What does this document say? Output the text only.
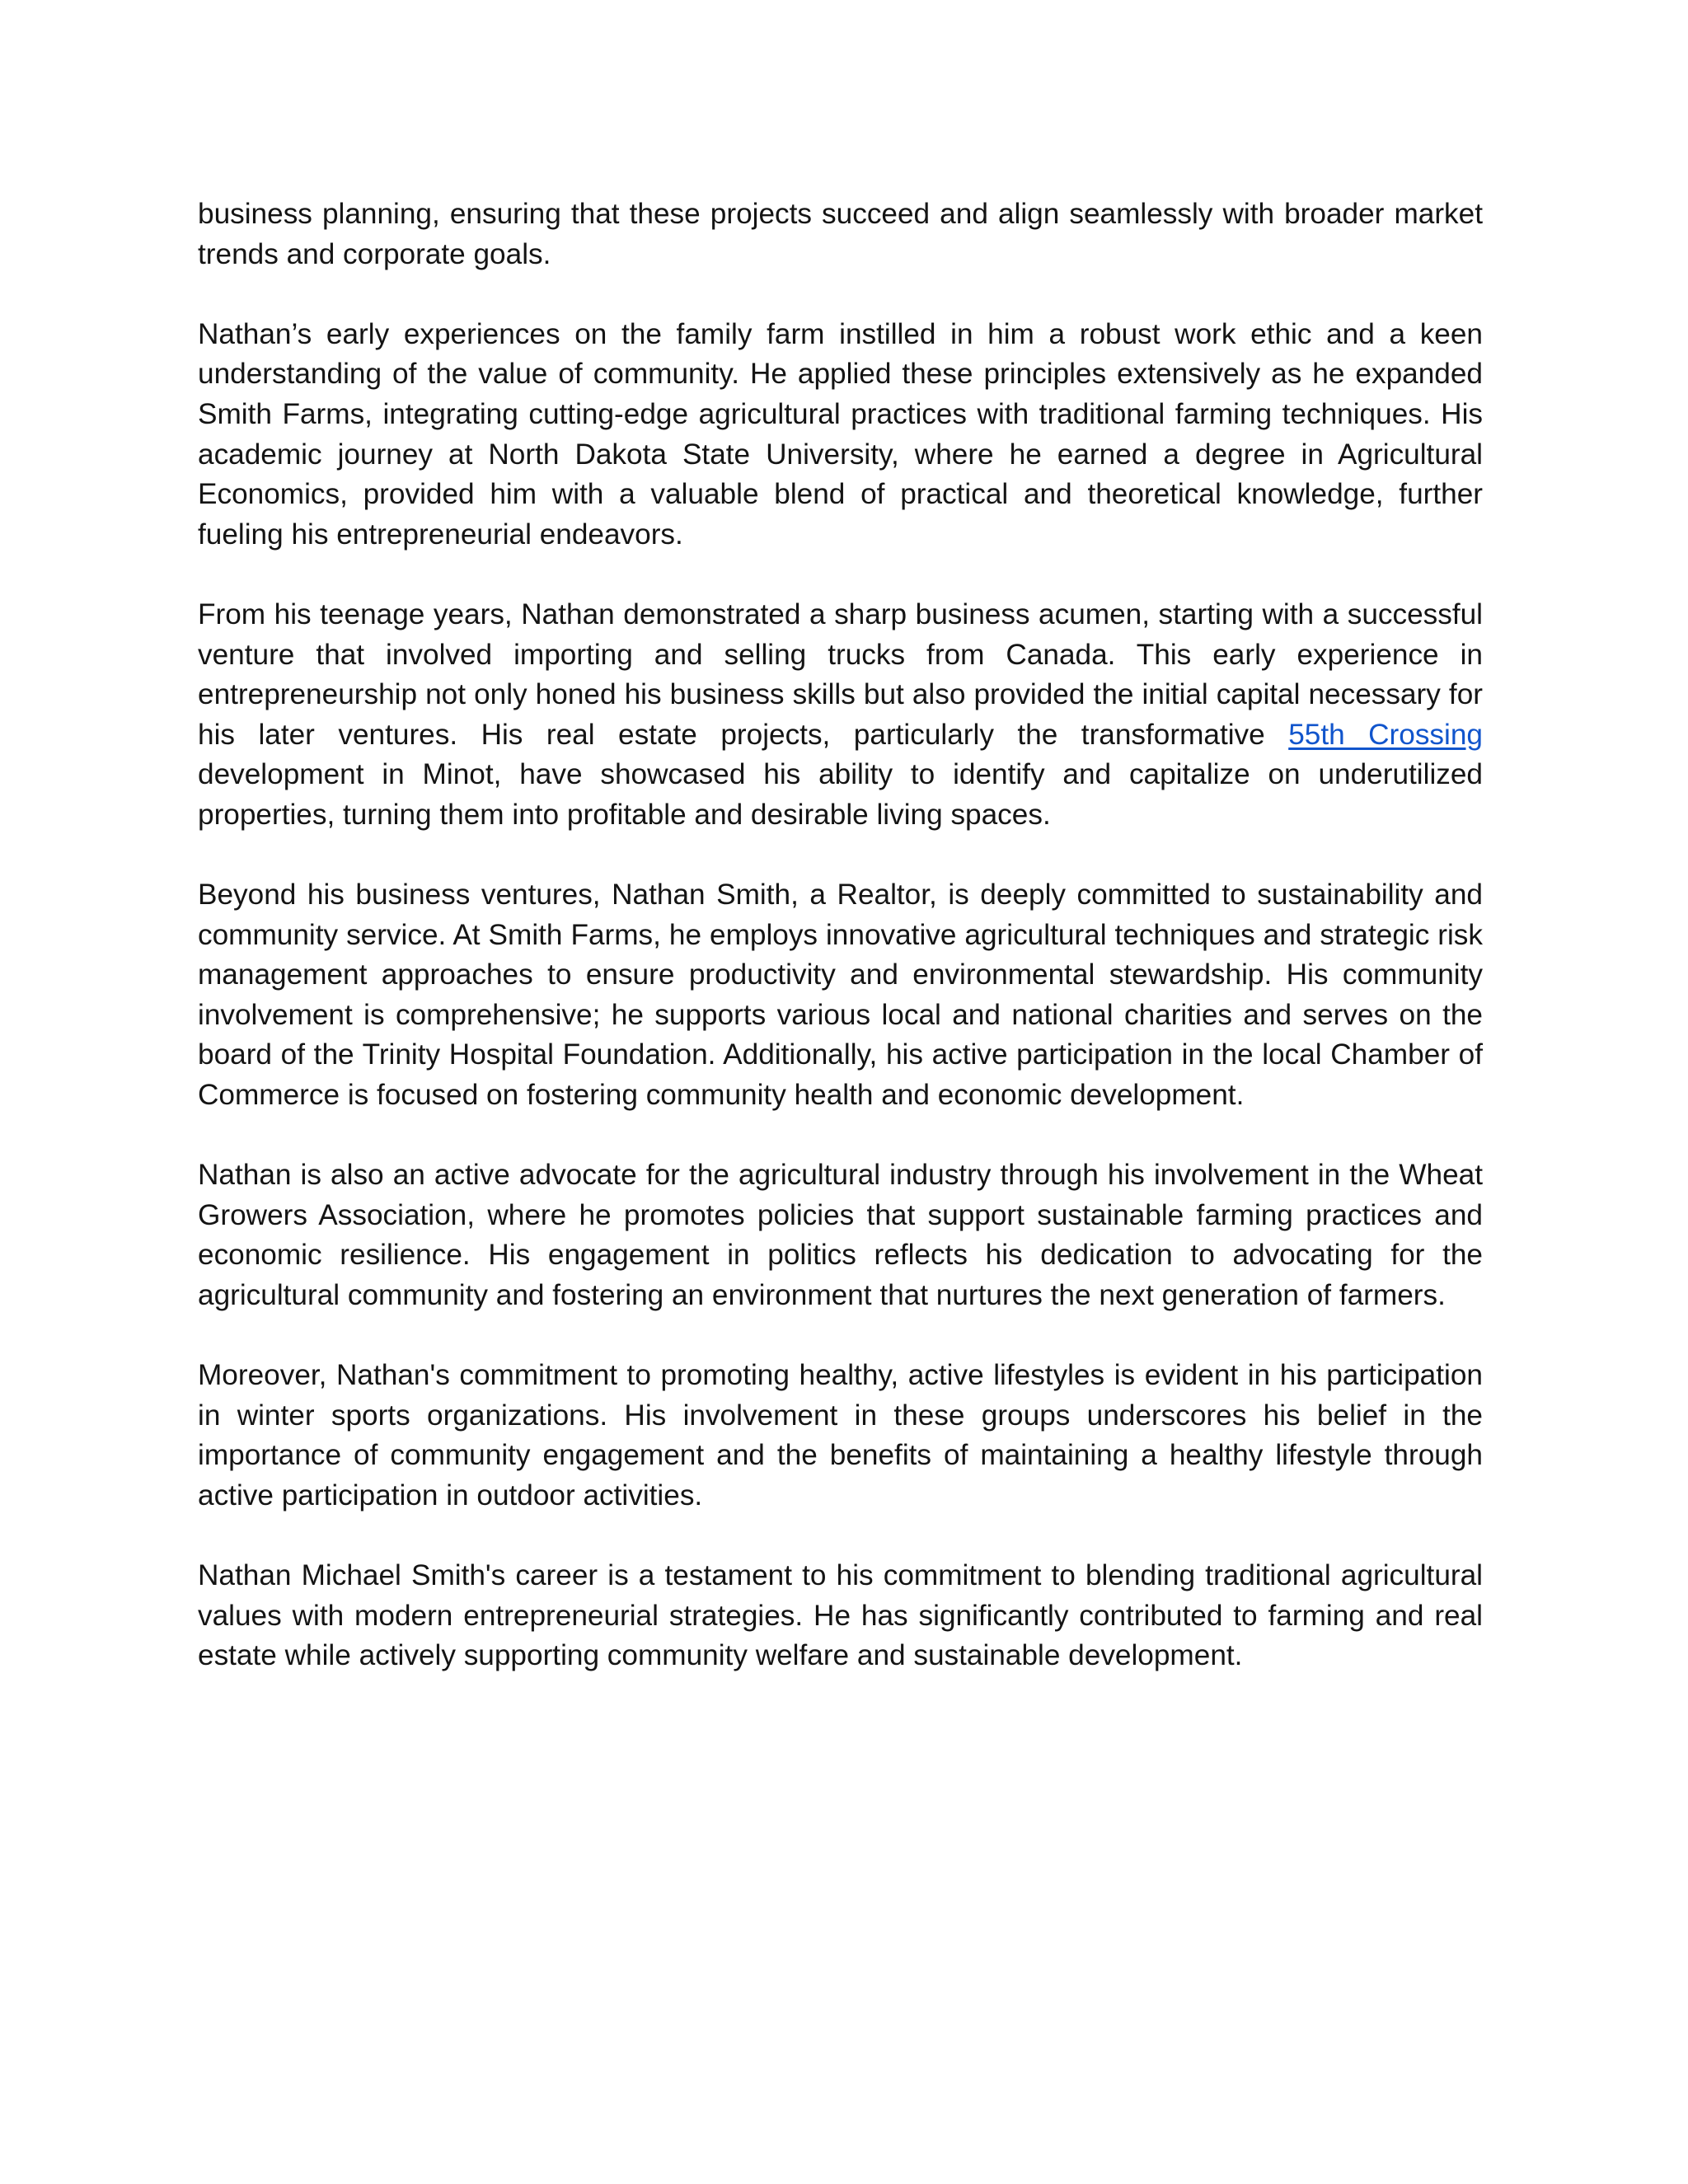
business planning, ensuring that these projects succeed and align seamlessly with broader market trends and corporate goals.

Nathan’s early experiences on the family farm instilled in him a robust work ethic and a keen understanding of the value of community. He applied these principles extensively as he expanded Smith Farms, integrating cutting-edge agricultural practices with traditional farming techniques. His academic journey at North Dakota State University, where he earned a degree in Agricultural Economics, provided him with a valuable blend of practical and theoretical knowledge, further fueling his entrepreneurial endeavors.

From his teenage years, Nathan demonstrated a sharp business acumen, starting with a successful venture that involved importing and selling trucks from Canada. This early experience in entrepreneurship not only honed his business skills but also provided the initial capital necessary for his later ventures. His real estate projects, particularly the transformative 55th Crossing development in Minot, have showcased his ability to identify and capitalize on underutilized properties, turning them into profitable and desirable living spaces.

Beyond his business ventures, Nathan Smith, a Realtor, is deeply committed to sustainability and community service. At Smith Farms, he employs innovative agricultural techniques and strategic risk management approaches to ensure productivity and environmental stewardship. His community involvement is comprehensive; he supports various local and national charities and serves on the board of the Trinity Hospital Foundation. Additionally, his active participation in the local Chamber of Commerce is focused on fostering community health and economic development.

Nathan is also an active advocate for the agricultural industry through his involvement in the Wheat Growers Association, where he promotes policies that support sustainable farming practices and economic resilience. His engagement in politics reflects his dedication to advocating for the agricultural community and fostering an environment that nurtures the next generation of farmers.

Moreover, Nathan's commitment to promoting healthy, active lifestyles is evident in his participation in winter sports organizations. His involvement in these groups underscores his belief in the importance of community engagement and the benefits of maintaining a healthy lifestyle through active participation in outdoor activities.

Nathan Michael Smith's career is a testament to his commitment to blending traditional agricultural values with modern entrepreneurial strategies. He has significantly contributed to farming and real estate while actively supporting community welfare and sustainable development.
